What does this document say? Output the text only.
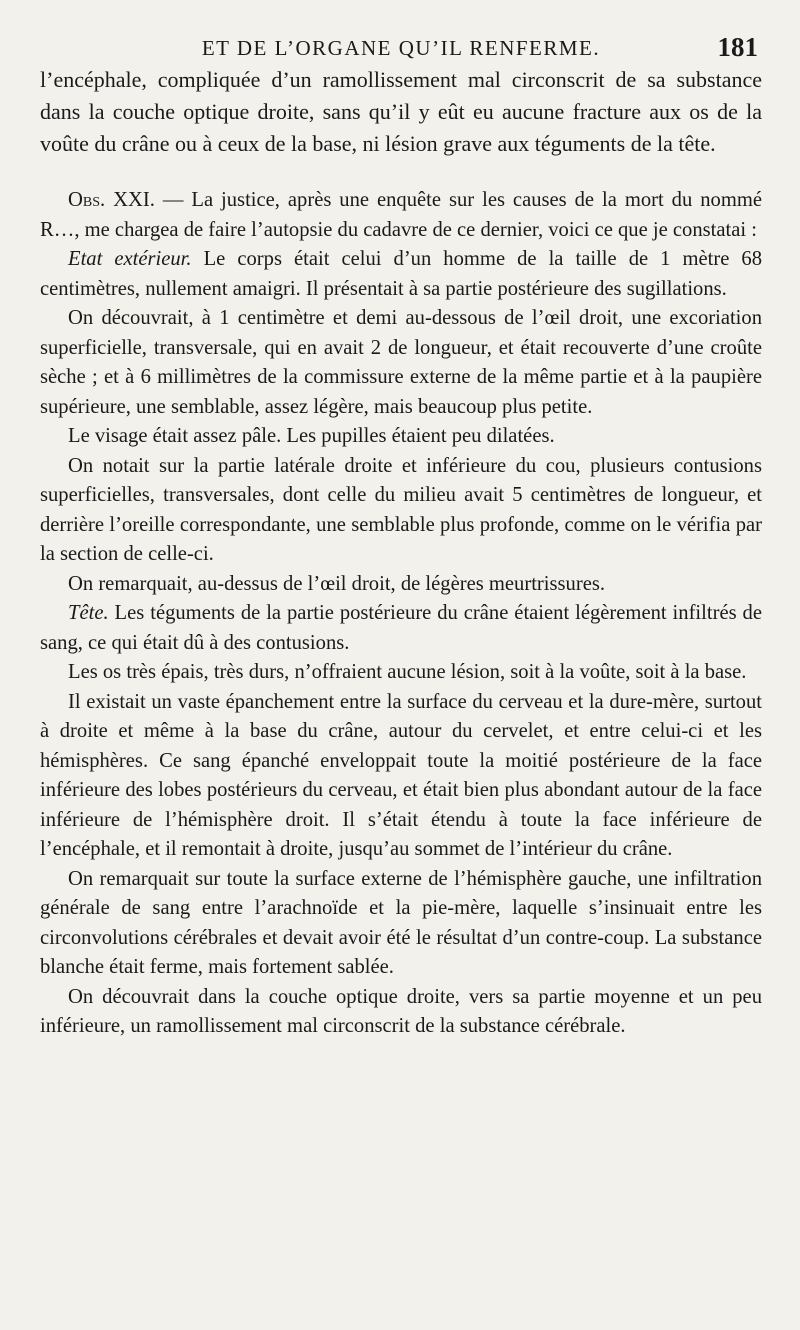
ET DE L’ORGANE QU’IL RENFERME.	181

l’encéphale, compliquée d’un ramollissement mal circonscrit de sa substance dans la couche optique droite, sans qu’il y eût eu aucune fracture aux os de la voûte du crâne ou à ceux de la base, ni lésion grave aux téguments de la tête.

Obs. XXI. — La justice, après une enquête sur les causes de la mort du nommé R…, me chargea de faire l’autopsie du cadavre de ce dernier, voici ce que je constatai :

Etat extérieur. Le corps était celui d’un homme de la taille de 1 mètre 68 centimètres, nullement amaigri. Il présentait à sa partie postérieure des sugillations.

On découvrait, à 1 centimètre et demi au-dessous de l’œil droit, une excoriation superficielle, transversale, qui en avait 2 de longueur, et était recouverte d’une croûte sèche ; et à 6 millimètres de la commissure externe de la même partie et à la paupière supérieure, une semblable, assez légère, mais beaucoup plus petite.

Le visage était assez pâle. Les pupilles étaient peu dilatées.

On notait sur la partie latérale droite et inférieure du cou, plusieurs contusions superficielles, transversales, dont celle du milieu avait 5 centimètres de longueur, et derrière l’oreille correspondante, une semblable plus profonde, comme on le vérifia par la section de celle-ci.

On remarquait, au-dessus de l’œil droit, de légères meurtrissures.

Tête. Les téguments de la partie postérieure du crâne étaient légèrement infiltrés de sang, ce qui était dû à des contusions.

Les os très épais, très durs, n’offraient aucune lésion, soit à la voûte, soit à la base.

Il existait un vaste épanchement entre la surface du cerveau et la dure-mère, surtout à droite et même à la base du crâne, autour du cervelet, et entre celui-ci et les hémisphères. Ce sang épanché enveloppait toute la moitié postérieure de la face inférieure des lobes postérieurs du cerveau, et était bien plus abondant autour de la face inférieure de l’hémisphère droit. Il s’était étendu à toute la face inférieure de l’encéphale, et il remontait à droite, jusqu’au sommet de l’intérieur du crâne.

On remarquait sur toute la surface externe de l’hémisphère gauche, une infiltration générale de sang entre l’arachnoïde et la pie-mère, laquelle s’insinuait entre les circonvolutions cérébrales et devait avoir été le résultat d’un contre-coup. La substance blanche était ferme, mais fortement sablée.

On découvrait dans la couche optique droite, vers sa partie moyenne et un peu inférieure, un ramollissement mal circonscrit de la substance cérébrale.
